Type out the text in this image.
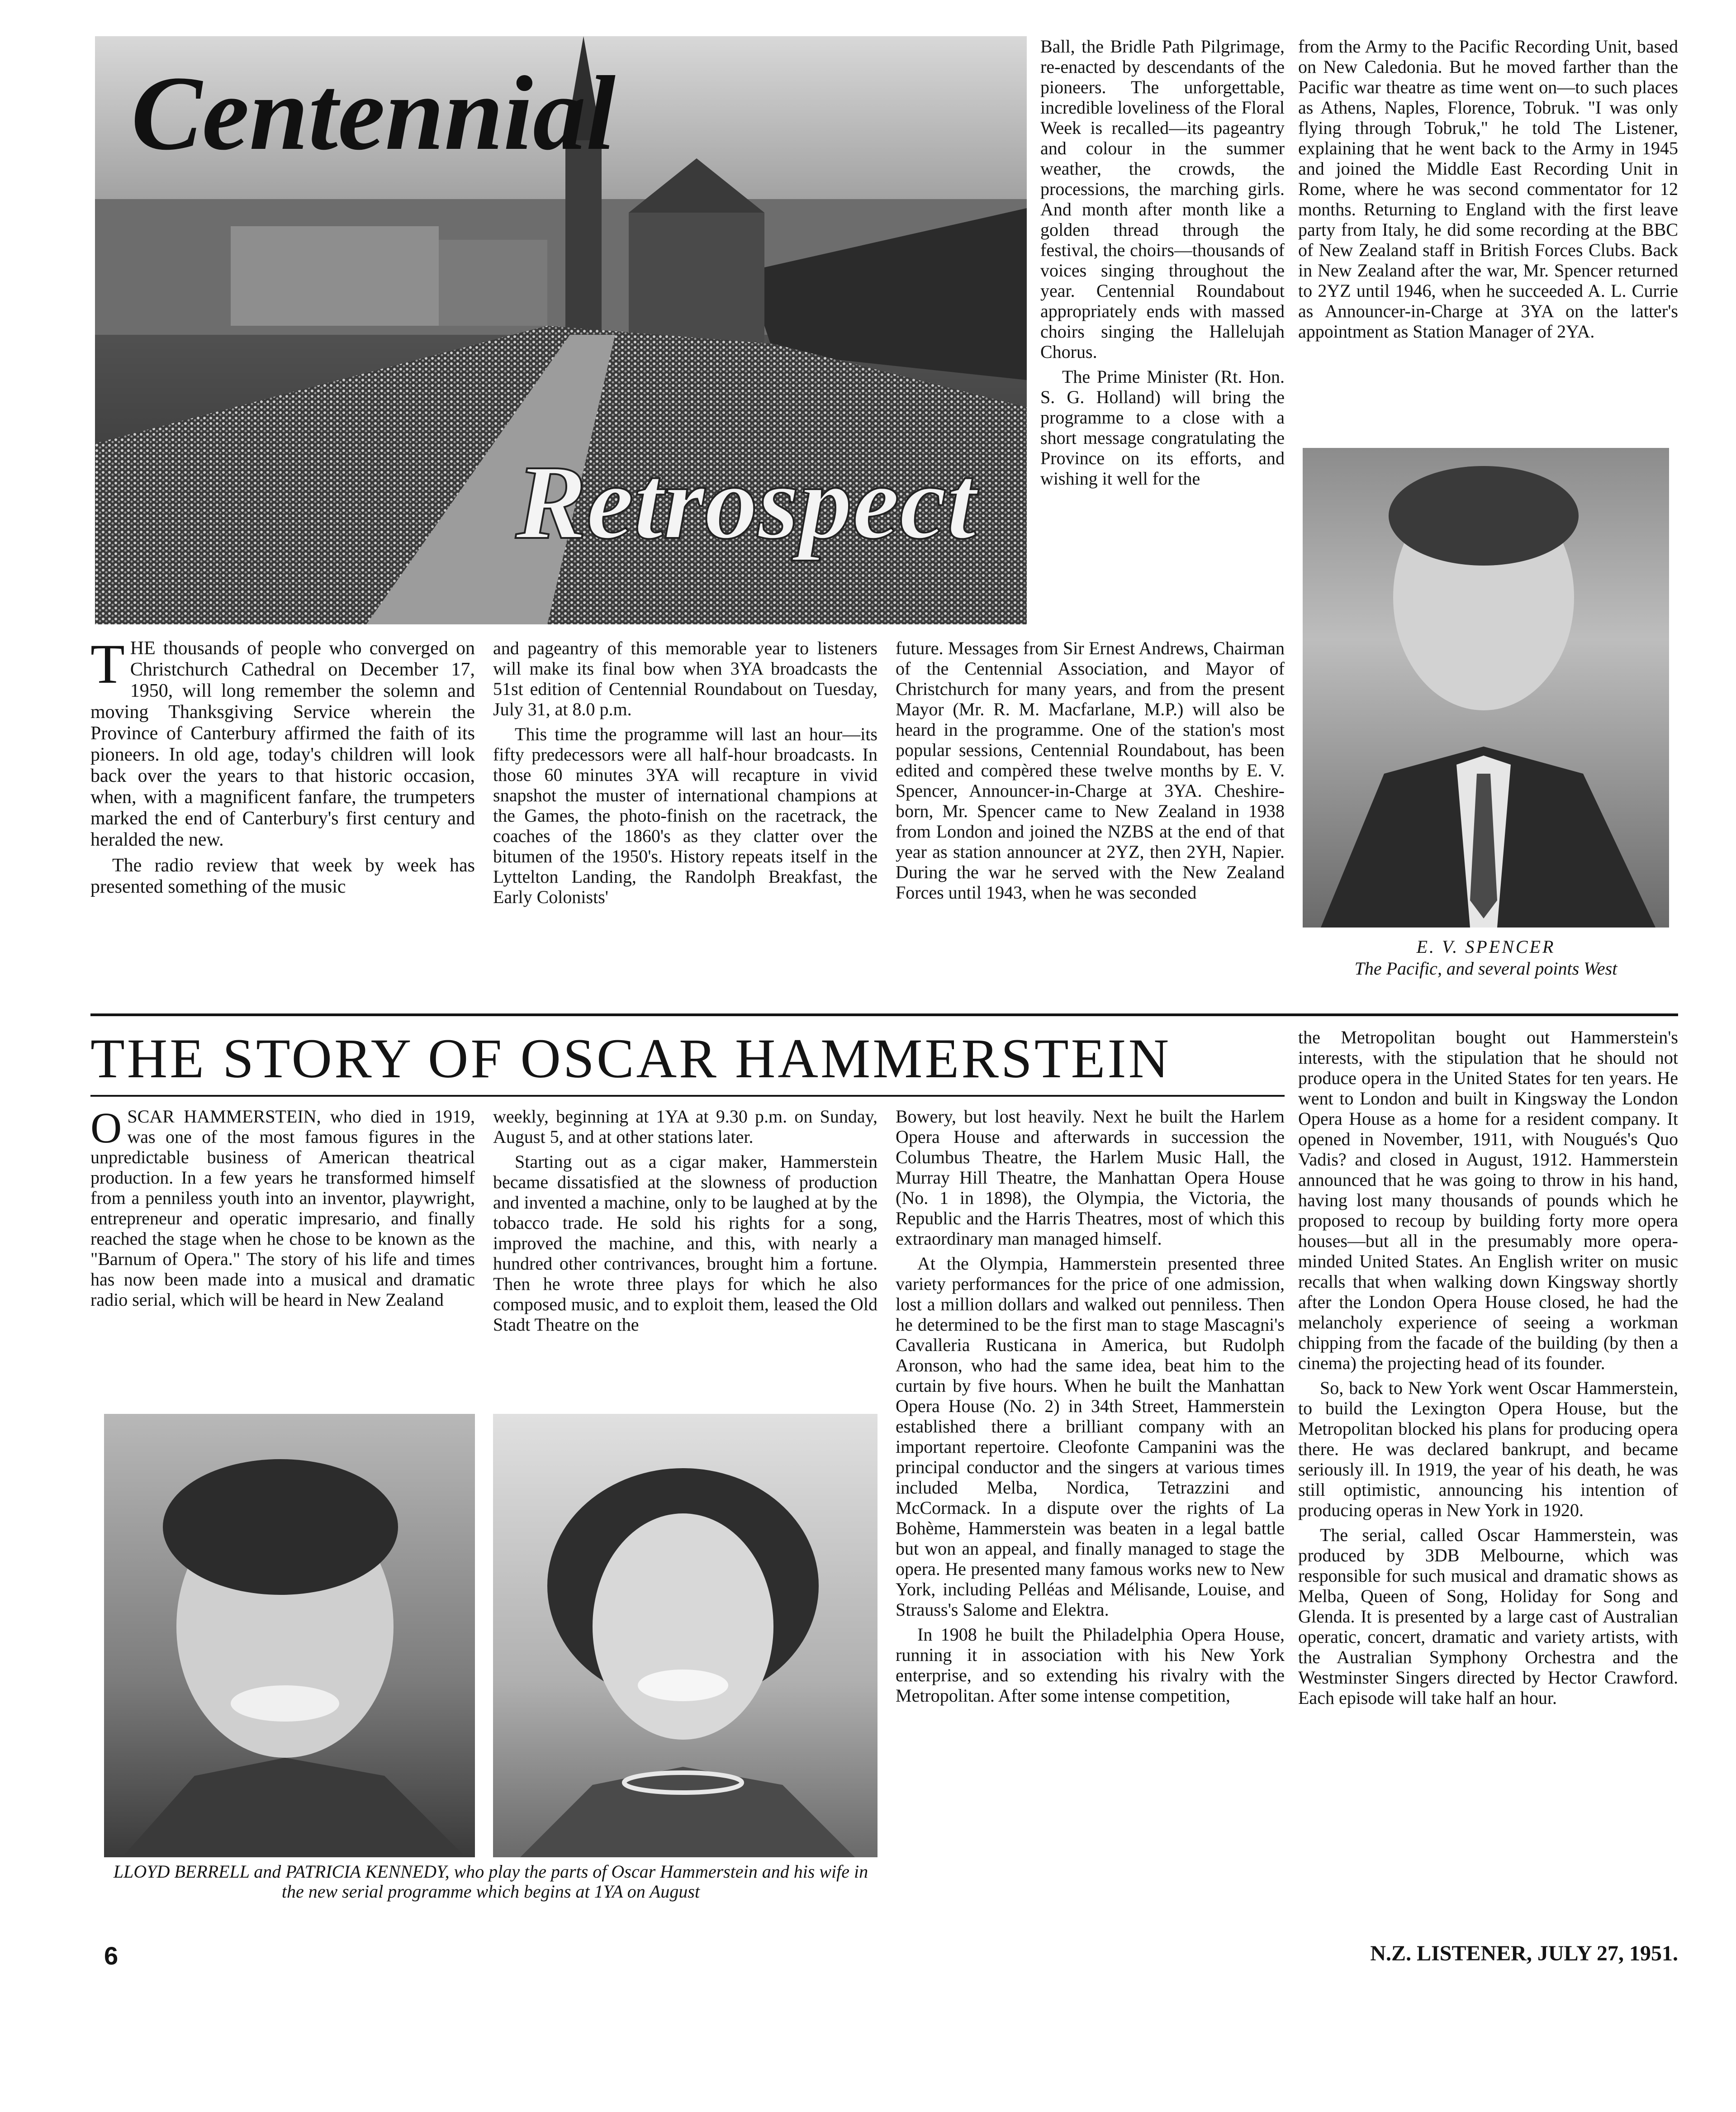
Centennial
Retrospect

THE thousands of people who converged on Christchurch Cathedral on December 17, 1950, will long remember the solemn and moving Thanksgiving Service wherein the Province of Canterbury affirmed the faith of its pioneers. In old age, today's children will look back over the years to that historic occasion, when, with a magnificent fanfare, the trumpeters marked the end of Canterbury's first century and heralded the new.

The radio review that week by week has presented something of the music

and pageantry of this memorable year to listeners will make its final bow when 3YA broadcasts the 51st edition of Centennial Roundabout on Tuesday, July 31, at 8.0 p.m.

This time the programme will last an hour—its fifty predecessors were all half-hour broadcasts. In those 60 minutes 3YA will recapture in vivid snapshot the muster of international champions at the Games, the photo-finish on the racetrack, the coaches of the 1860's as they clatter over the bitumen of the 1950's. History repeats itself in the Lyttelton Landing, the Randolph Breakfast, the Early Colonists'

Ball, the Bridle Path Pilgrimage, re-enacted by descendants of the pioneers. The unforgettable, incredible loveliness of the Floral Week is recalled—its pageantry and colour in the summer weather, the crowds, the processions, the marching girls. And month after month like a golden thread through the festival, the choirs—thousands of voices singing throughout the year. Centennial Roundabout appropriately ends with massed choirs singing the Hallelujah Chorus.

The Prime Minister (Rt. Hon. S. G. Holland) will bring the programme to a close with a short message congratulating the Province on its efforts, and wishing it well for the

future. Messages from Sir Ernest Andrews, Chairman of the Centennial Association, and Mayor of Christchurch for many years, and from the present Mayor (Mr. R. M. Macfarlane, M.P.) will also be heard in the programme. One of the station's most popular sessions, Centennial Roundabout, has been edited and compèred these twelve months by E. V. Spencer, Announcer-in-Charge at 3YA. Cheshire-born, Mr. Spencer came to New Zealand in 1938 from London and joined the NZBS at the end of that year as station announcer at 2YZ, then 2YH, Napier. During the war he served with the New Zealand Forces until 1943, when he was seconded

from the Army to the Pacific Recording Unit, based on New Caledonia. But he moved farther than the Pacific war theatre as time went on—to such places as Athens, Naples, Florence, Tobruk. "I was only flying through Tobruk," he told The Listener, explaining that he went back to the Army in 1945 and joined the Middle East Recording Unit in Rome, where he was second commentator for 12 months. Returning to England with the first leave party from Italy, he did some recording at the BBC of New Zealand staff in British Forces Clubs. Back in New Zealand after the war, Mr. Spencer returned to 2YZ until 1946, when he succeeded A. L. Currie as Announcer-in-Charge at 3YA on the latter's appointment as Station Manager of 2YA.

E. V. SPENCER
The Pacific, and several points West
THE STORY OF OSCAR HAMMERSTEIN

OSCAR HAMMERSTEIN, who died in 1919, was one of the most famous figures in the unpredictable business of American theatrical production. In a few years he transformed himself from a penniless youth into an inventor, playwright, entrepreneur and operatic impresario, and finally reached the stage when he chose to be known as the "Barnum of Opera." The story of his life and times has now been made into a musical and dramatic radio serial, which will be heard in New Zealand

weekly, beginning at 1YA at 9.30 p.m. on Sunday, August 5, and at other stations later.

Starting out as a cigar maker, Hammerstein became dissatisfied at the slowness of production and invented a machine, only to be laughed at by the tobacco trade. He sold his rights for a song, improved the machine, and this, with nearly a hundred other contrivances, brought him a fortune. Then he wrote three plays for which he also composed music, and to exploit them, leased the Old Stadt Theatre on the

LLOYD BERRELL and PATRICIA KENNEDY, who play the parts of Oscar Hammerstein and his wife in the new serial programme which begins at 1YA on August

Bowery, but lost heavily. Next he built the Harlem Opera House and afterwards in succession the Columbus Theatre, the Harlem Music Hall, the Murray Hill Theatre, the Manhattan Opera House (No. 1 in 1898), the Olympia, the Victoria, the Republic and the Harris Theatres, most of which this extraordinary man managed himself.

At the Olympia, Hammerstein presented three variety performances for the price of one admission, lost a million dollars and walked out penniless. Then he determined to be the first man to stage Mascagni's Cavalleria Rusticana in America, but Rudolph Aronson, who had the same idea, beat him to the curtain by five hours. When he built the Manhattan Opera House (No. 2) in 34th Street, Hammerstein established there a brilliant company with an important repertoire. Cleofonte Campanini was the principal conductor and the singers at various times included Melba, Nordica, Tetrazzini and McCormack. In a dispute over the rights of La Bohème, Hammerstein was beaten in a legal battle but won an appeal, and finally managed to stage the opera. He presented many famous works new to New York, including Pelléas and Mélisande, Louise, and Strauss's Salome and Elektra.

In 1908 he built the Philadelphia Opera House, running it in association with his New York enterprise, and so extending his rivalry with the Metropolitan. After some intense competition,

the Metropolitan bought out Hammerstein's interests, with the stipulation that he should not produce opera in the United States for ten years. He went to London and built in Kingsway the London Opera House as a home for a resident company. It opened in November, 1911, with Nougués's Quo Vadis? and closed in August, 1912. Hammerstein announced that he was going to throw in his hand, having lost many thousands of pounds which he proposed to recoup by building forty more opera houses—but all in the presumably more opera-minded United States. An English writer on music recalls that when walking down Kingsway shortly after the London Opera House closed, he had the melancholy experience of seeing a workman chipping from the facade of the building (by then a cinema) the projecting head of its founder.

So, back to New York went Oscar Hammerstein, to build the Lexington Opera House, but the Metropolitan blocked his plans for producing opera there. He was declared bankrupt, and became seriously ill. In 1919, the year of his death, he was still optimistic, announcing his intention of producing operas in New York in 1920.

The serial, called Oscar Hammerstein, was produced by 3DB Melbourne, which was responsible for such musical and dramatic shows as Melba, Queen of Song, Holiday for Song and Glenda. It is presented by a large cast of Australian operatic, concert, dramatic and variety artists, with the Australian Symphony Orchestra and the Westminster Singers directed by Hector Crawford. Each episode will take half an hour.

6	N.Z. LISTENER, JULY 27, 1951.
